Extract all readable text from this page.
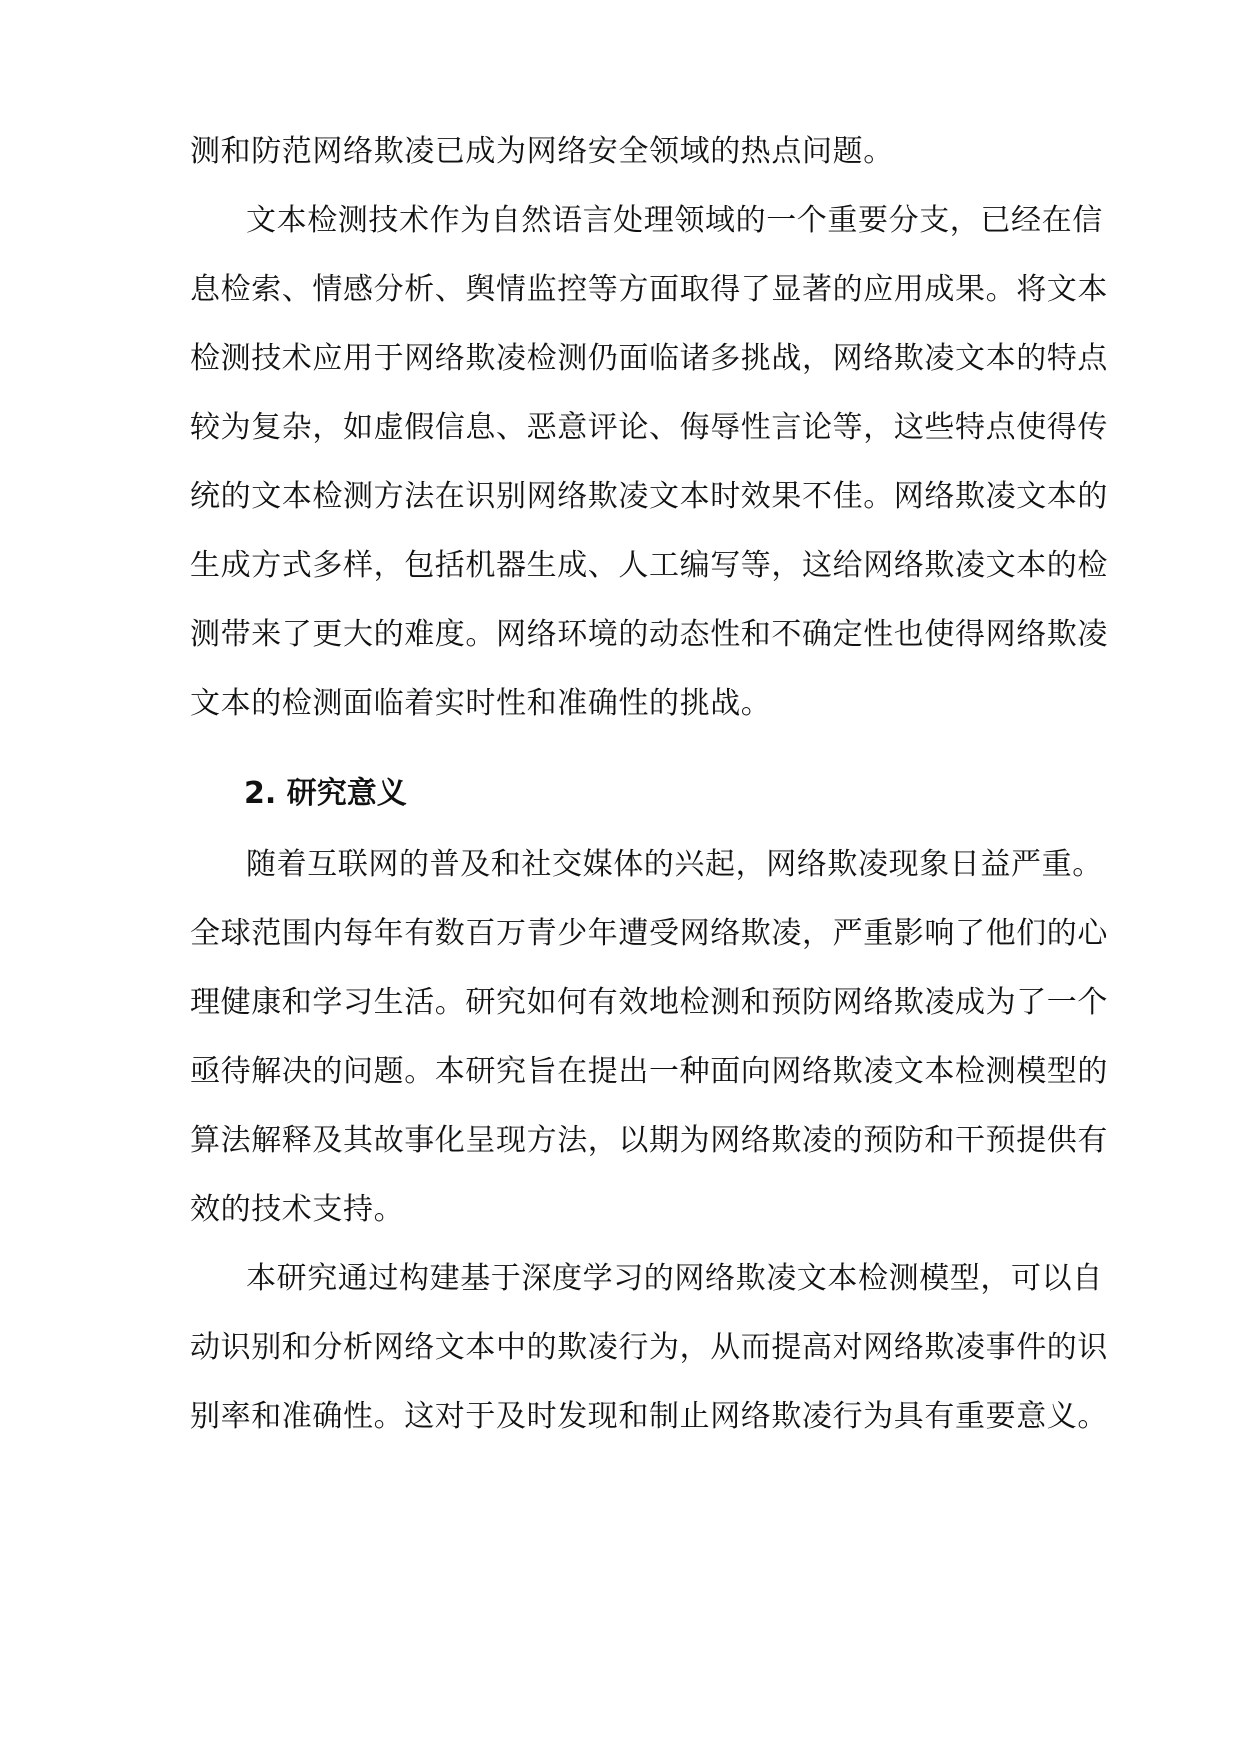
测和防范网络欺凌已成为网络安全领域的热点问题。
文本检测技术作为自然语言处理领域的一个重要分支，已经在信
息检索、情感分析、舆情监控等方面取得了显著的应用成果。将文本
检测技术应用于网络欺凌检测仍面临诸多挑战，网络欺凌文本的特点
较为复杂，如虚假信息、恶意评论、侮辱性言论等，这些特点使得传
统的文本检测方法在识别网络欺凌文本时效果不佳。网络欺凌文本的
生成方式多样，包括机器生成、人工编写等，这给网络欺凌文本的检
测带来了更大的难度。网络环境的动态性和不确定性也使得网络欺凌
文本的检测面临着实时性和准确性的挑战。
2. 研究意义
随着互联网的普及和社交媒体的兴起，网络欺凌现象日益严重。
全球范围内每年有数百万青少年遭受网络欺凌，严重影响了他们的心
理健康和学习生活。研究如何有效地检测和预防网络欺凌成为了一个
亟待解决的问题。本研究旨在提出一种面向网络欺凌文本检测模型的
算法解释及其故事化呈现方法，以期为网络欺凌的预防和干预提供有
效的技术支持。
本研究通过构建基于深度学习的网络欺凌文本检测模型，可以自
动识别和分析网络文本中的欺凌行为，从而提高对网络欺凌事件的识
别率和准确性。这对于及时发现和制止网络欺凌行为具有重要意义。
